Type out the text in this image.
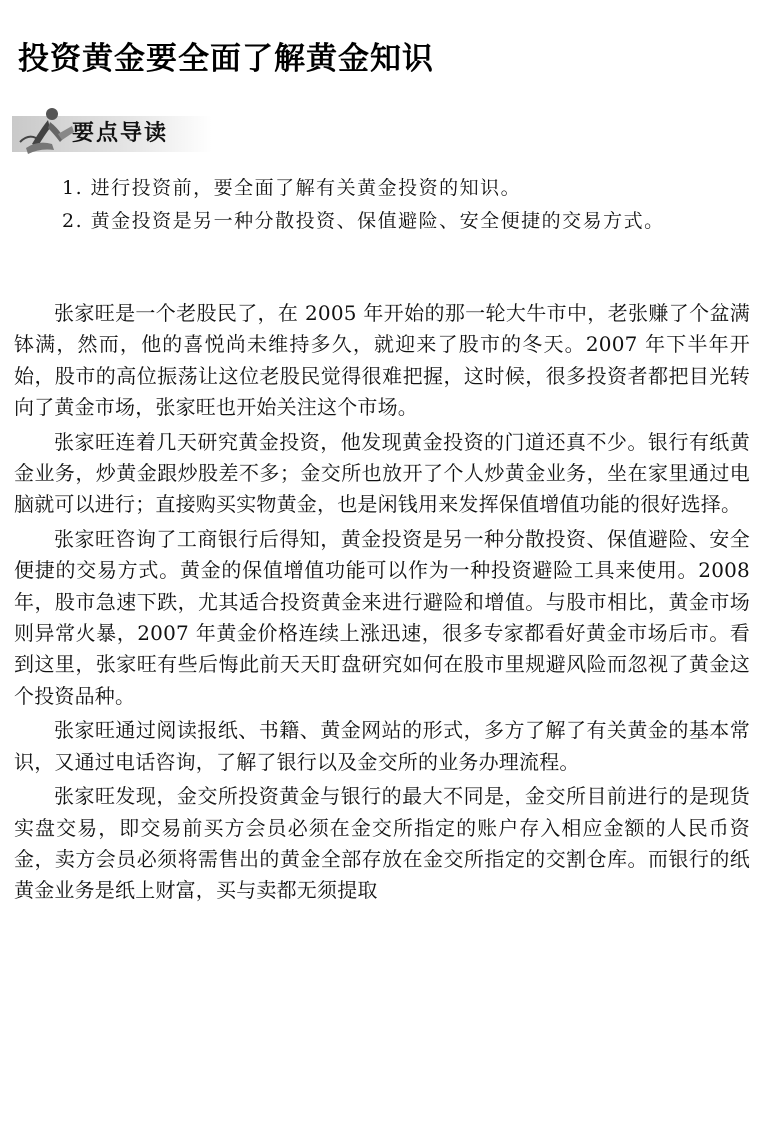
投资黄金要全面了解黄金知识
要点导读
1. 进行投资前，要全面了解有关黄金投资的知识。
2. 黄金投资是另一种分散投资、保值避险、安全便捷的交易方式。

张家旺是一个老股民了，在 2005 年开始的那一轮大牛市中，老张赚了个盆满钵满，然而，他的喜悦尚未维持多久，就迎来了股市的冬天。2007 年下半年开始，股市的高位振荡让这位老股民觉得很难把握，这时候，很多投资者都把目光转向了黄金市场，张家旺也开始关注这个市场。

张家旺连着几天研究黄金投资，他发现黄金投资的门道还真不少。银行有纸黄金业务，炒黄金跟炒股差不多；金交所也放开了个人炒黄金业务，坐在家里通过电脑就可以进行；直接购买实物黄金，也是闲钱用来发挥保值增值功能的很好选择。

张家旺咨询了工商银行后得知，黄金投资是另一种分散投资、保值避险、安全便捷的交易方式。黄金的保值增值功能可以作为一种投资避险工具来使用。2008 年，股市急速下跌，尤其适合投资黄金来进行避险和增值。与股市相比，黄金市场则异常火暴，2007 年黄金价格连续上涨迅速，很多专家都看好黄金市场后市。看到这里，张家旺有些后悔此前天天盯盘研究如何在股市里规避风险而忽视了黄金这个投资品种。

张家旺通过阅读报纸、书籍、黄金网站的形式，多方了解了有关黄金的基本常识，又通过电话咨询，了解了银行以及金交所的业务办理流程。

张家旺发现，金交所投资黄金与银行的最大不同是，金交所目前进行的是现货实盘交易，即交易前买方会员必须在金交所指定的账户存入相应金额的人民币资金，卖方会员必须将需售出的黄金全部存放在金交所指定的交割仓库。而银行的纸黄金业务是纸上财富，买与卖都无须提取
